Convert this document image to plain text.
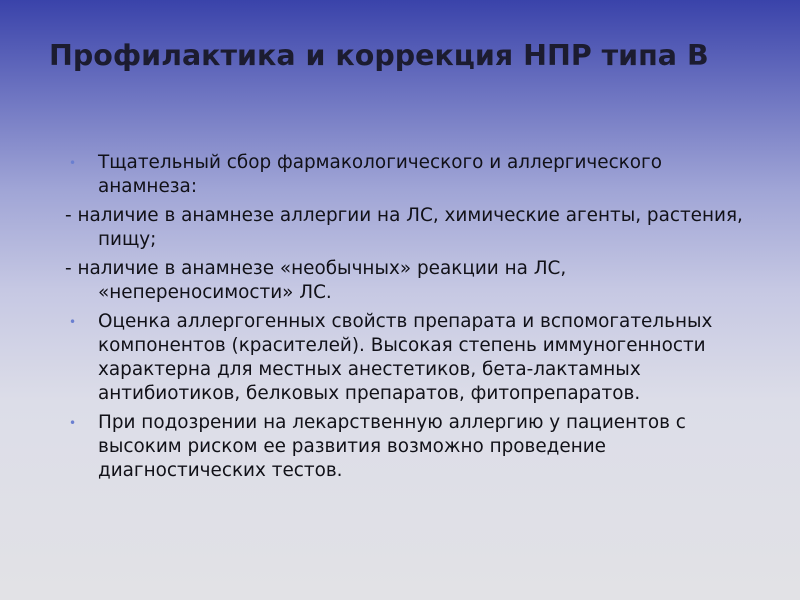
Профилактика и коррекция НПР типа В
• Тщательный сбор фармакологического и аллергического анамнеза:
- наличие в анамнезе аллергии на ЛС, химические агенты, растения, пищу;
- наличие в анамнезе «необычных» реакции на ЛС, «непереносимости» ЛС.
• Оценка аллергогенных свойств препарата и вспомогательных компонентов (красителей). Высокая степень иммуногенности характерна для местных анестетиков, бета-лактамных антибиотиков, белковых препаратов, фитопрепаратов.
• При подозрении на лекарственную аллергию у пациентов с высоким риском ее развития возможно проведение диагностических тестов.
